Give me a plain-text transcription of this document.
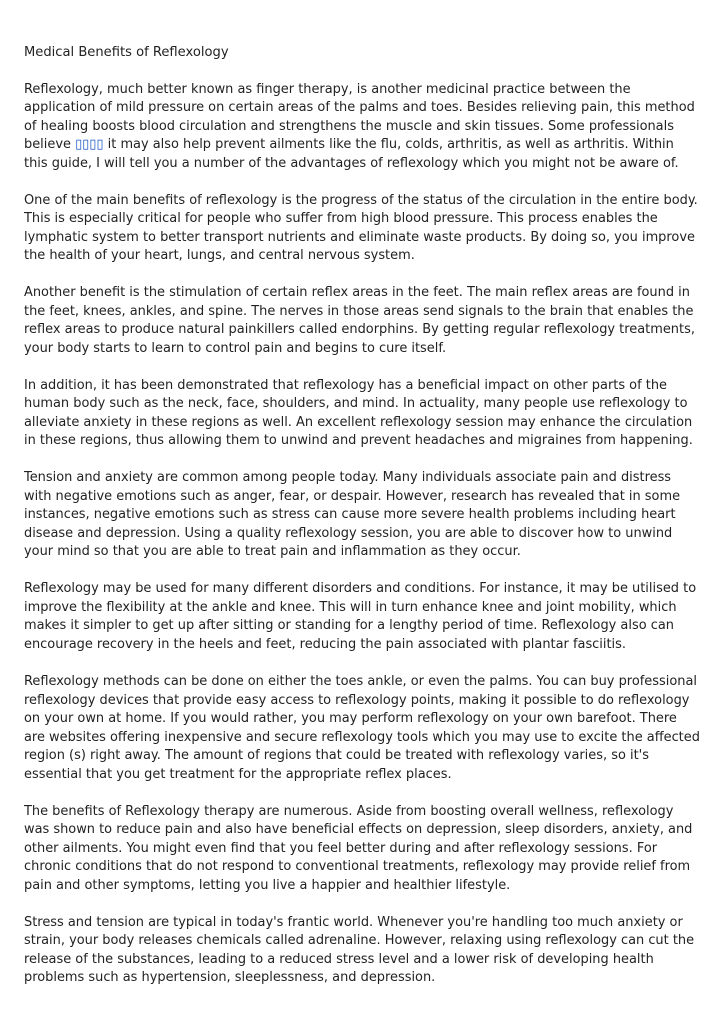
Medical Benefits of Reflexology

Reflexology, much better known as finger therapy, is another medicinal practice between the application of mild pressure on certain areas of the palms and toes. Besides relieving pain, this method of healing boosts blood circulation and strengthens the muscle and skin tissues. Some professionals believe ▯▯▯▯ it may also help prevent ailments like the flu, colds, arthritis, as well as arthritis. Within this guide, I will tell you a number of the advantages of reflexology which you might not be aware of.

One of the main benefits of reflexology is the progress of the status of the circulation in the entire body. This is especially critical for people who suffer from high blood pressure. This process enables the lymphatic system to better transport nutrients and eliminate waste products. By doing so, you improve the health of your heart, lungs, and central nervous system.

Another benefit is the stimulation of certain reflex areas in the feet. The main reflex areas are found in the feet, knees, ankles, and spine. The nerves in those areas send signals to the brain that enables the reflex areas to produce natural painkillers called endorphins. By getting regular reflexology treatments, your body starts to learn to control pain and begins to cure itself.

In addition, it has been demonstrated that reflexology has a beneficial impact on other parts of the human body such as the neck, face, shoulders, and mind. In actuality, many people use reflexology to alleviate anxiety in these regions as well. An excellent reflexology session may enhance the circulation in these regions, thus allowing them to unwind and prevent headaches and migraines from happening.

Tension and anxiety are common among people today. Many individuals associate pain and distress with negative emotions such as anger, fear, or despair. However, research has revealed that in some instances, negative emotions such as stress can cause more severe health problems including heart disease and depression. Using a quality reflexology session, you are able to discover how to unwind your mind so that you are able to treat pain and inflammation as they occur.

Reflexology may be used for many different disorders and conditions. For instance, it may be utilised to improve the flexibility at the ankle and knee. This will in turn enhance knee and joint mobility, which makes it simpler to get up after sitting or standing for a lengthy period of time. Reflexology also can encourage recovery in the heels and feet, reducing the pain associated with plantar fasciitis.

Reflexology methods can be done on either the toes ankle, or even the palms. You can buy professional reflexology devices that provide easy access to reflexology points, making it possible to do reflexology on your own at home. If you would rather, you may perform reflexology on your own barefoot. There are websites offering inexpensive and secure reflexology tools which you may use to excite the affected region (s) right away. The amount of regions that could be treated with reflexology varies, so it's essential that you get treatment for the appropriate reflex places.

The benefits of Reflexology therapy are numerous. Aside from boosting overall wellness, reflexology was shown to reduce pain and also have beneficial effects on depression, sleep disorders, anxiety, and other ailments. You might even find that you feel better during and after reflexology sessions. For chronic conditions that do not respond to conventional treatments, reflexology may provide relief from pain and other symptoms, letting you live a happier and healthier lifestyle.

Stress and tension are typical in today's frantic world. Whenever you're handling too much anxiety or strain, your body releases chemicals called adrenaline. However, relaxing using reflexology can cut the release of the substances, leading to a reduced stress level and a lower risk of developing health problems such as hypertension, sleeplessness, and depression.
